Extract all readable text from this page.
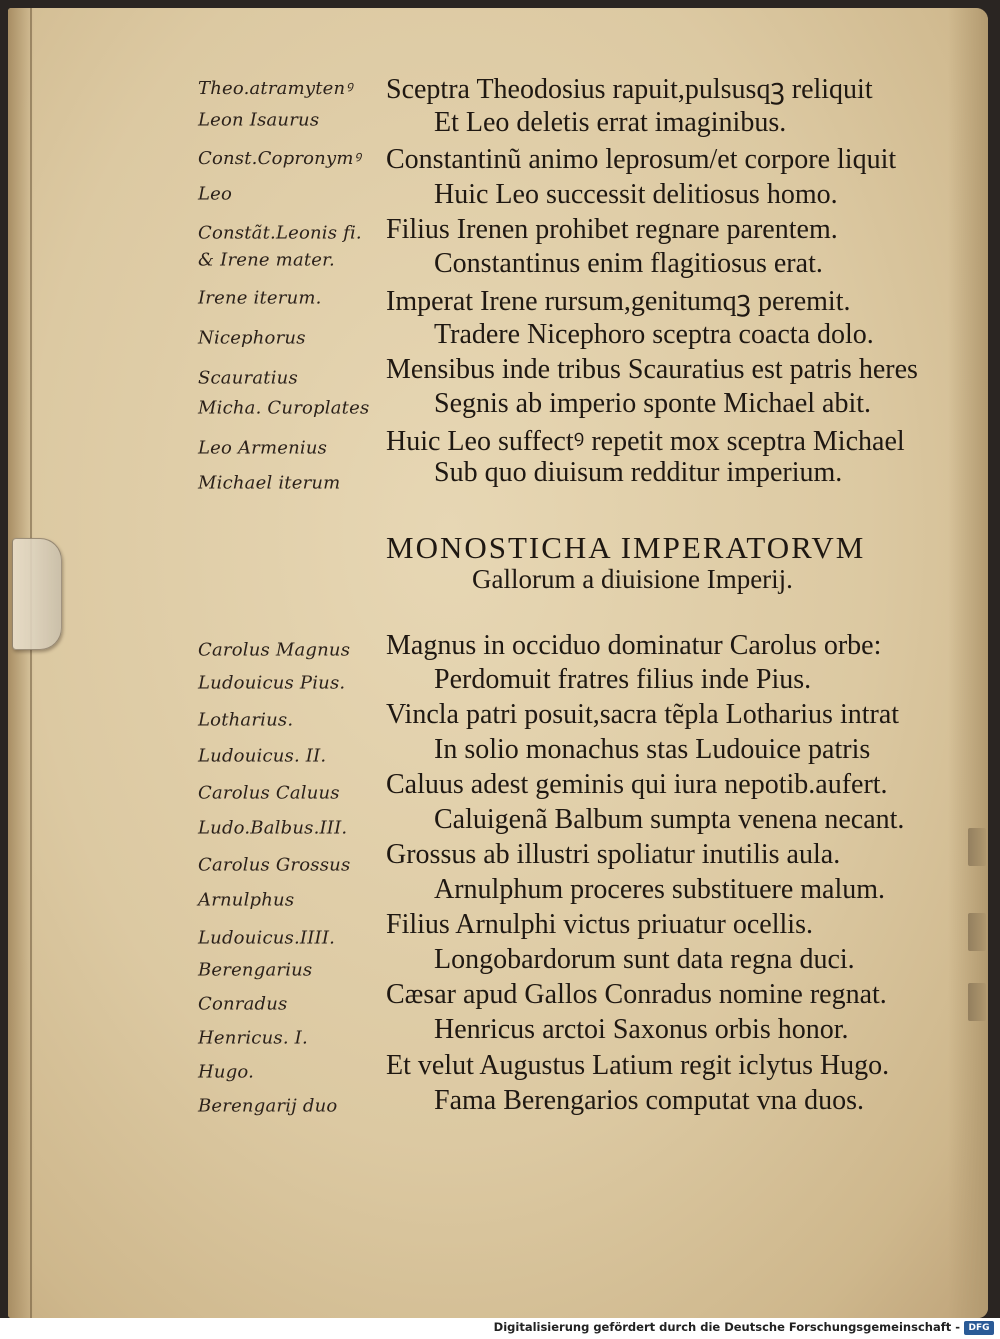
Theo.atramytenꝰ
Leon Isaurus
Const.Copronymꝰ
Leo
Constãt.Leonis fi.
& Irene mater.
Irene iterum.
Nicephorus
Scauratius
Micha. Curoplates
Leo Armenius
Michael iterum
Sceptra Theodosius rapuit,pulsusqꝫ reliquit
Et Leo deletis errat imaginibus.
Constantinũ animo leprosum/et corpore liquit
Huic Leo successit delitiosus homo.
Filius Irenen prohibet regnare parentem.
Constantinus enim flagitiosus erat.
Imperat Irene rursum,genitumqꝫ peremit.
Tradere Nicephoro sceptra coacta dolo.
Mensibus inde tribus Scauratius est patris heres
Segnis ab imperio sponte Michael abit.
Huic Leo suffectꝰ repetit mox sceptra Michael
Sub quo diuisum redditur imperium.
MONOSTICHA IMPERATORVM
Gallorum a diuisione Imperij.
Carolus Magnus
Ludouicus Pius.
Lotharius.
Ludouicus. II.
Carolus Caluus
Ludo.Balbus.III.
Carolus Grossus
Arnulphus
Ludouicus.IIII.
Berengarius
Conradus
Henricus. I.
Hugo.
Berengarij duo
Magnus in occiduo dominatur Carolus orbe:
Perdomuit fratres filius inde Pius.
Vincla patri posuit,sacra tẽpla Lotharius intrat
In solio monachus stas Ludouice patris
Caluus adest geminis qui iura nepotib.aufert.
Caluigenã Balbum sumpta venena necant.
Grossus ab illustri spoliatur inutilis aula.
Arnulphum proceres substituere malum.
Filius Arnulphi victus priuatur ocellis.
Longobardorum sunt data regna duci.
Cæsar apud Gallos Conradus nomine regnat.
Henricus arctoi Saxonus orbis honor.
Et velut Augustus Latium regit iclytus Hugo.
Fama Berengarios computat vna duos.
Digitalisierung gefördert durch die Deutsche Forschungsgemeinschaft - DFG
